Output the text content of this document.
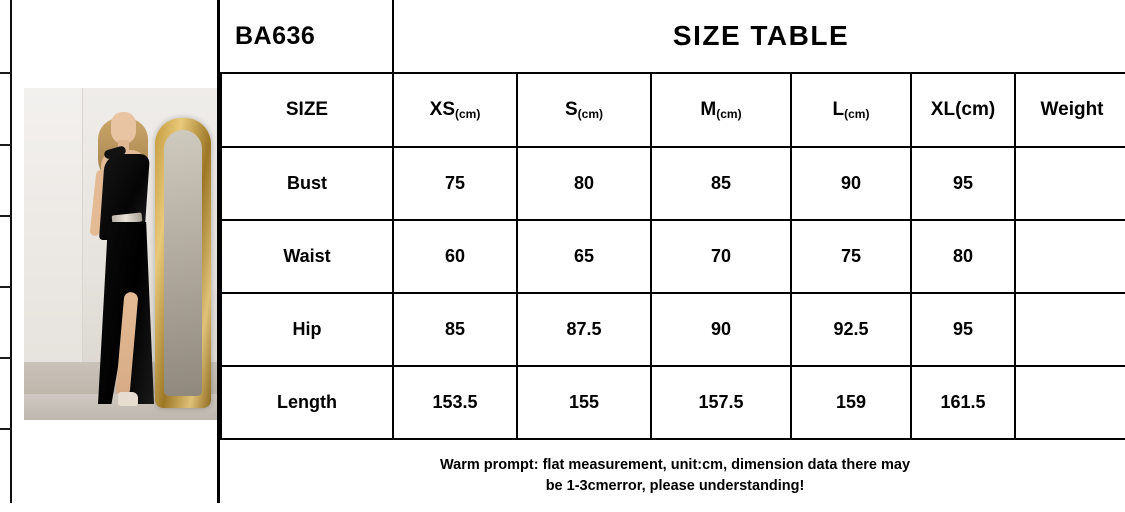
BA636	SIZE TABLE					
SIZE	XS(cm)	S(cm)	M(cm)	L(cm)	XL(cm)	Weight
Bust	75	80	85	90	95	
Waist	60	65	70	75	80	
Hip	85	87.5	90	92.5	95	
Length	153.5	155	157.5	159	161.5	

Warm prompt: flat measurement, unit:cm, dimension data there may
be 1-3cmerror, please understanding!						
